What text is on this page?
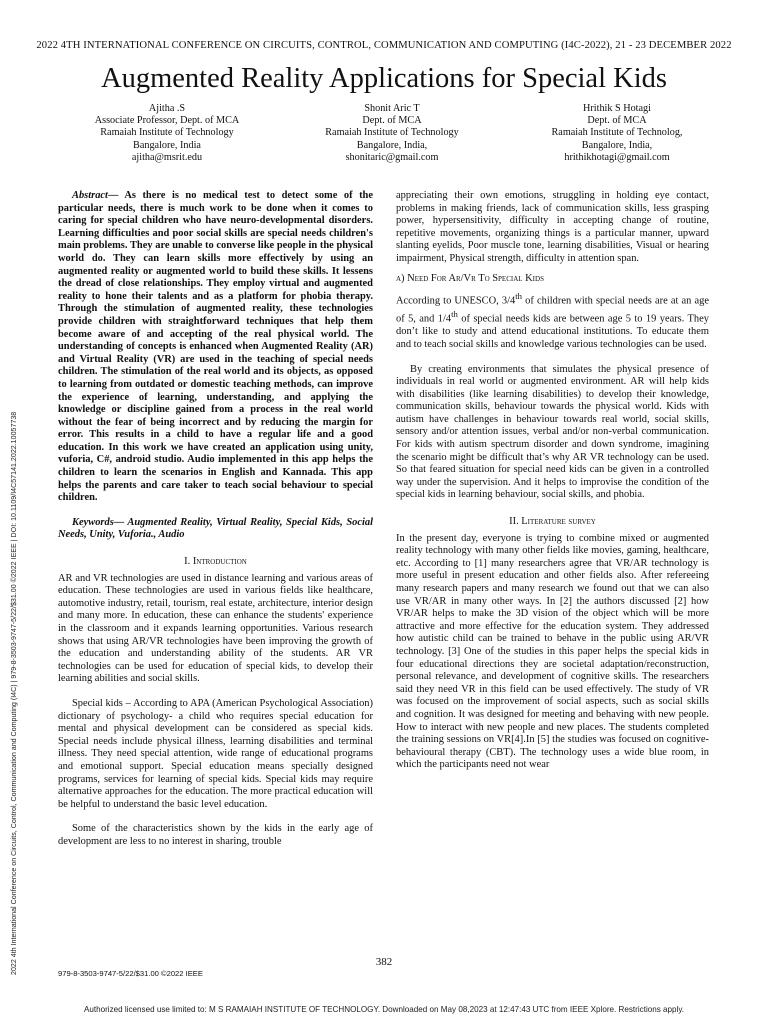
2022 4TH INTERNATIONAL CONFERENCE ON CIRCUITS, CONTROL, COMMUNICATION AND COMPUTING (I4C-2022), 21 - 23 DECEMBER 2022
Augmented Reality Applications for Special Kids
Ajitha .S
Associate Professor, Dept. of MCA
Ramaiah Institute of Technology
Bangalore, India
ajitha@msrit.edu
Shonit Aric T
Dept. of MCA
Ramaiah Institute of Technology
Bangalore, India,
shonitaric@gmail.com
Hrithik S Hotagi
Dept. of MCA
Ramaiah Institute of Technolog,
Bangalore, India,
hrithikhotagi@gmail.com
2022 4th International Conference on Circuits, Control, Communication and Computing (I4C) | 979-8-3503-9747-5/22/$31.00 ©2022 IEEE | DOI: 10.1109/I4C57141.2022.10057738

Abstract— As there is no medical test to detect some of the particular needs, there is much work to be done when it comes to caring for special children who have neuro-developmental disorders. Learning difficulties and poor social skills are special needs children's main problems. They are unable to converse like people in the physical world do. They can learn skills more effectively by using an augmented reality or augmented world to build these skills. It lessens the dread of close relationships. They employ virtual and augmented reality to hone their talents and as a platform for phobia therapy. Through the stimulation of augmented reality, these technologies provide children with straightforward techniques that help them become aware of and accepting of the real physical world. The understanding of concepts is enhanced when Augmented Reality (AR) and Virtual Reality (VR) are used in the teaching of special needs children. The stimulation of the real world and its objects, as opposed to learning from outdated or domestic teaching methods, can improve the experience of learning, understanding, and applying the knowledge or discipline gained from a process in the real world without the fear of being incorrect and by reducing the margin for error. This results in a child to have a regular life and a good education. In this work we have created an application using unity, vuforia, C#, android studio. Audio implemented in this app helps the children to learn the scenarios in English and Kannada. This app helps the parents and care taker to teach social behaviour to special children.

Keywords— Augmented Reality, Virtual Reality, Special Kids, Social Needs, Unity, Vuforia., Audio

I. Introduction

AR and VR technologies are used in distance learning and various areas of education. These technologies are used in various fields like healthcare, automotive industry, retail, tourism, real estate, architecture, interior design and many more. In education, these can enhance the students' experience in the classroom and it expands learning opportunities. Various research shows that using AR/VR technologies have been improving the growth of the education and understanding ability of the students. AR VR technologies can be used for education of special kids, to develop their learning abilities and social skills.

Special kids – According to APA (American Psychological Association) dictionary of psychology- a child who requires special education for mental and physical development can be considered as special kids. Special needs include physical illness, learning disabilities and terminal illness. They need special attention, wide range of educational programs and emotional support. Special education means specially designed programs, services for learning of special kids. Special kids may require alternative approaches for the education. The more practical education will be helpful to understand the basic level education.

Some of the characteristics shown by the kids in the early age of development are less to no interest in sharing, trouble

appreciating their own emotions, struggling in holding eye contact, problems in making friends, lack of communication skills, less grasping power, hypersensitivity, difficulty in accepting change of routine, repetitive movements, organizing things is a particular manner, upward slanting eyelids, Poor muscle tone, learning disabilities, Visual or hearing impairment, Physical strength, difficulty in attention span.

a) Need For Ar/Vr To Special Kids

According to UNESCO, 3/4th of children with special needs are at an age of 5, and 1/4th of special needs kids are between age 5 to 19 years. They don’t like to study and attend educational institutions. To educate them and to teach social skills and knowledge various technologies can be used.

By creating environments that simulates the physical presence of individuals in real world or augmented environment. AR will help kids with disabilities (like learning disabilities) to develop their knowledge, communication skills, behaviour towards the physical world. Kids with autism have challenges in behaviour towards real world, social skills, sensory and/or attention issues, verbal and/or non-verbal communication. For kids with autism spectrum disorder and down syndrome, imagining the scenario might be difficult that’s why AR VR technology can be used. So that feared situation for special need kids can be given in a controlled way under the supervision. And it helps to improvise the condition of the special kids in learning behaviour, social skills, and phobia.

II. Literature survey

In the present day, everyone is trying to combine mixed or augmented reality technology with many other fields like movies, gaming, healthcare, etc. According to [1] many researchers agree that VR/AR technology is more useful in present education and other fields also. After refereeing many research papers and many research we found out that we can also use VR/AR in many other ways. In [2] the authors discussed [2] how VR/AR helps to make the 3D vision of the object which will be more attractive and more effective for the education system. They addressed how autistic child can be trained to behave in the public using AR/VR technology. [3] One of the studies in this paper helps the special kids in four educational directions they are societal adaptation/reconstruction, personal relevance, and development of cognitive skills. The researchers said they need VR in this field can be used effectively. The study of VR was focused on the improvement of social aspects, such as social skills and cognition. It was designed for meeting and behaving with new people. How to interact with new people and new places. The students completed the training sessions on VR[4].In [5] the studies was focused on cognitive-behavioural therapy (CBT). The technology uses a wide blue room, in which the participants need not wear

382
979-8-3503-9747-5/22/$31.00 ©2022 IEEE
Authorized licensed use limited to: M S RAMAIAH INSTITUTE OF TECHNOLOGY. Downloaded on May 08,2023 at 12:47:43 UTC from IEEE Xplore. Restrictions apply.
